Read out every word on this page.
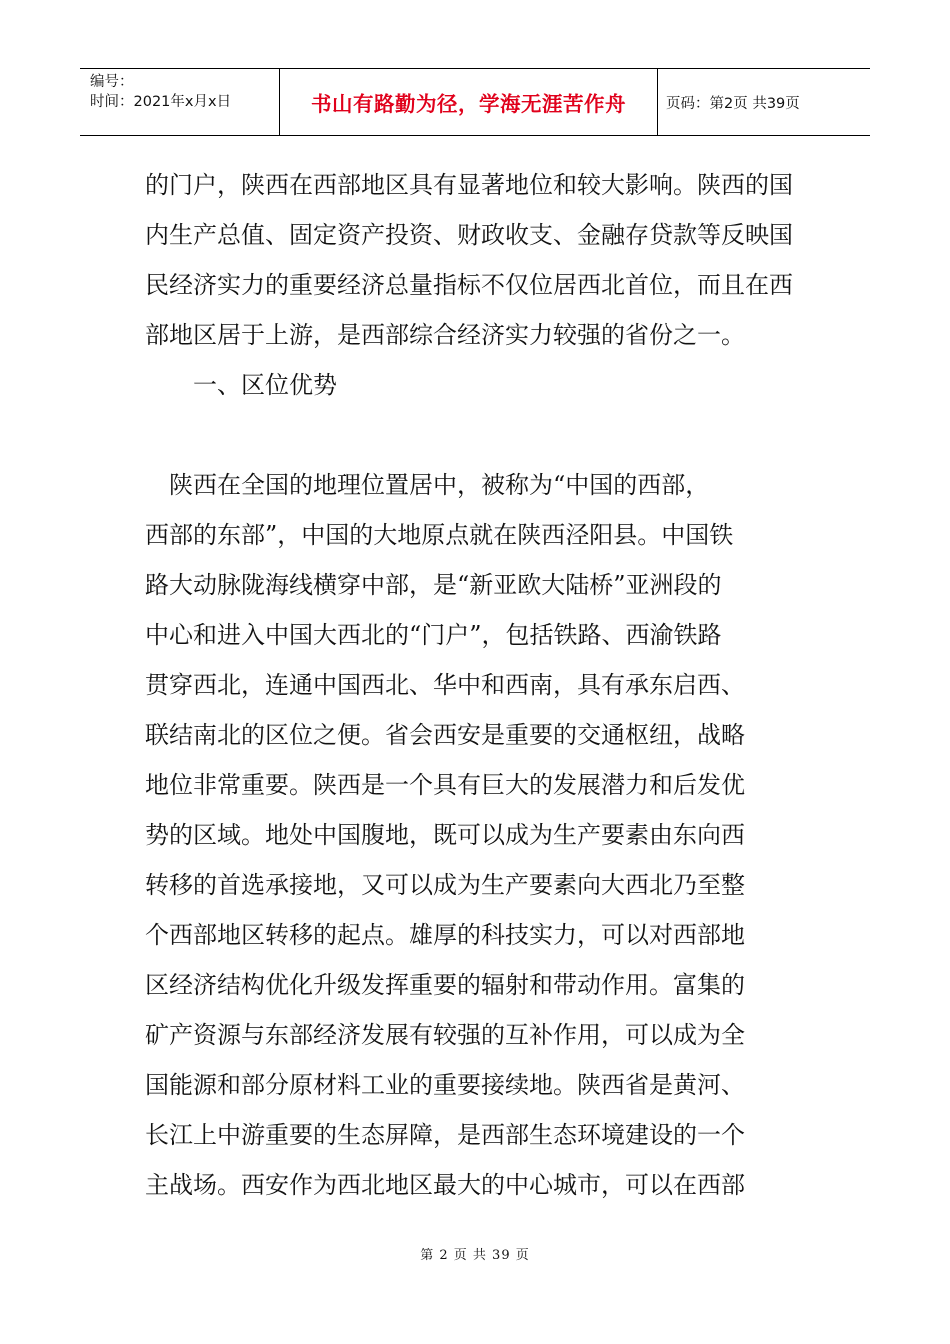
编号：
时间：2021年x月x日	书山有路勤为径，学海无涯苦作舟	页码：第2页 共39页
的门户，陕西在西部地区具有显著地位和较大影响。陕西的国
内生产总值、固定资产投资、财政收支、金融存贷款等反映国
民经济实力的重要经济总量指标不仅位居西北首位，而且在西
部地区居于上游，是西部综合经济实力较强的省份之一。
　　一、区位优势
　陕西在全国的地理位置居中，被称为“中国的西部，
西部的东部”，中国的大地原点就在陕西泾阳县。中国铁
路大动脉陇海线横穿中部，是“新亚欧大陆桥”亚洲段的
中心和进入中国大西北的“门户”，包括铁路、西渝铁路
贯穿西北，连通中国西北、华中和西南，具有承东启西、
联结南北的区位之便。省会西安是重要的交通枢纽，战略
地位非常重要。陕西是一个具有巨大的发展潜力和后发优
势的区域。地处中国腹地，既可以成为生产要素由东向西
转移的首选承接地，又可以成为生产要素向大西北乃至整
个西部地区转移的起点。雄厚的科技实力，可以对西部地
区经济结构优化升级发挥重要的辐射和带动作用。富集的
矿产资源与东部经济发展有较强的互补作用，可以成为全
国能源和部分原材料工业的重要接续地。陕西省是黄河、
长江上中游重要的生态屏障，是西部生态环境建设的一个
主战场。西安作为西北地区最大的中心城市，可以在西部
第 2 页 共 39 页
